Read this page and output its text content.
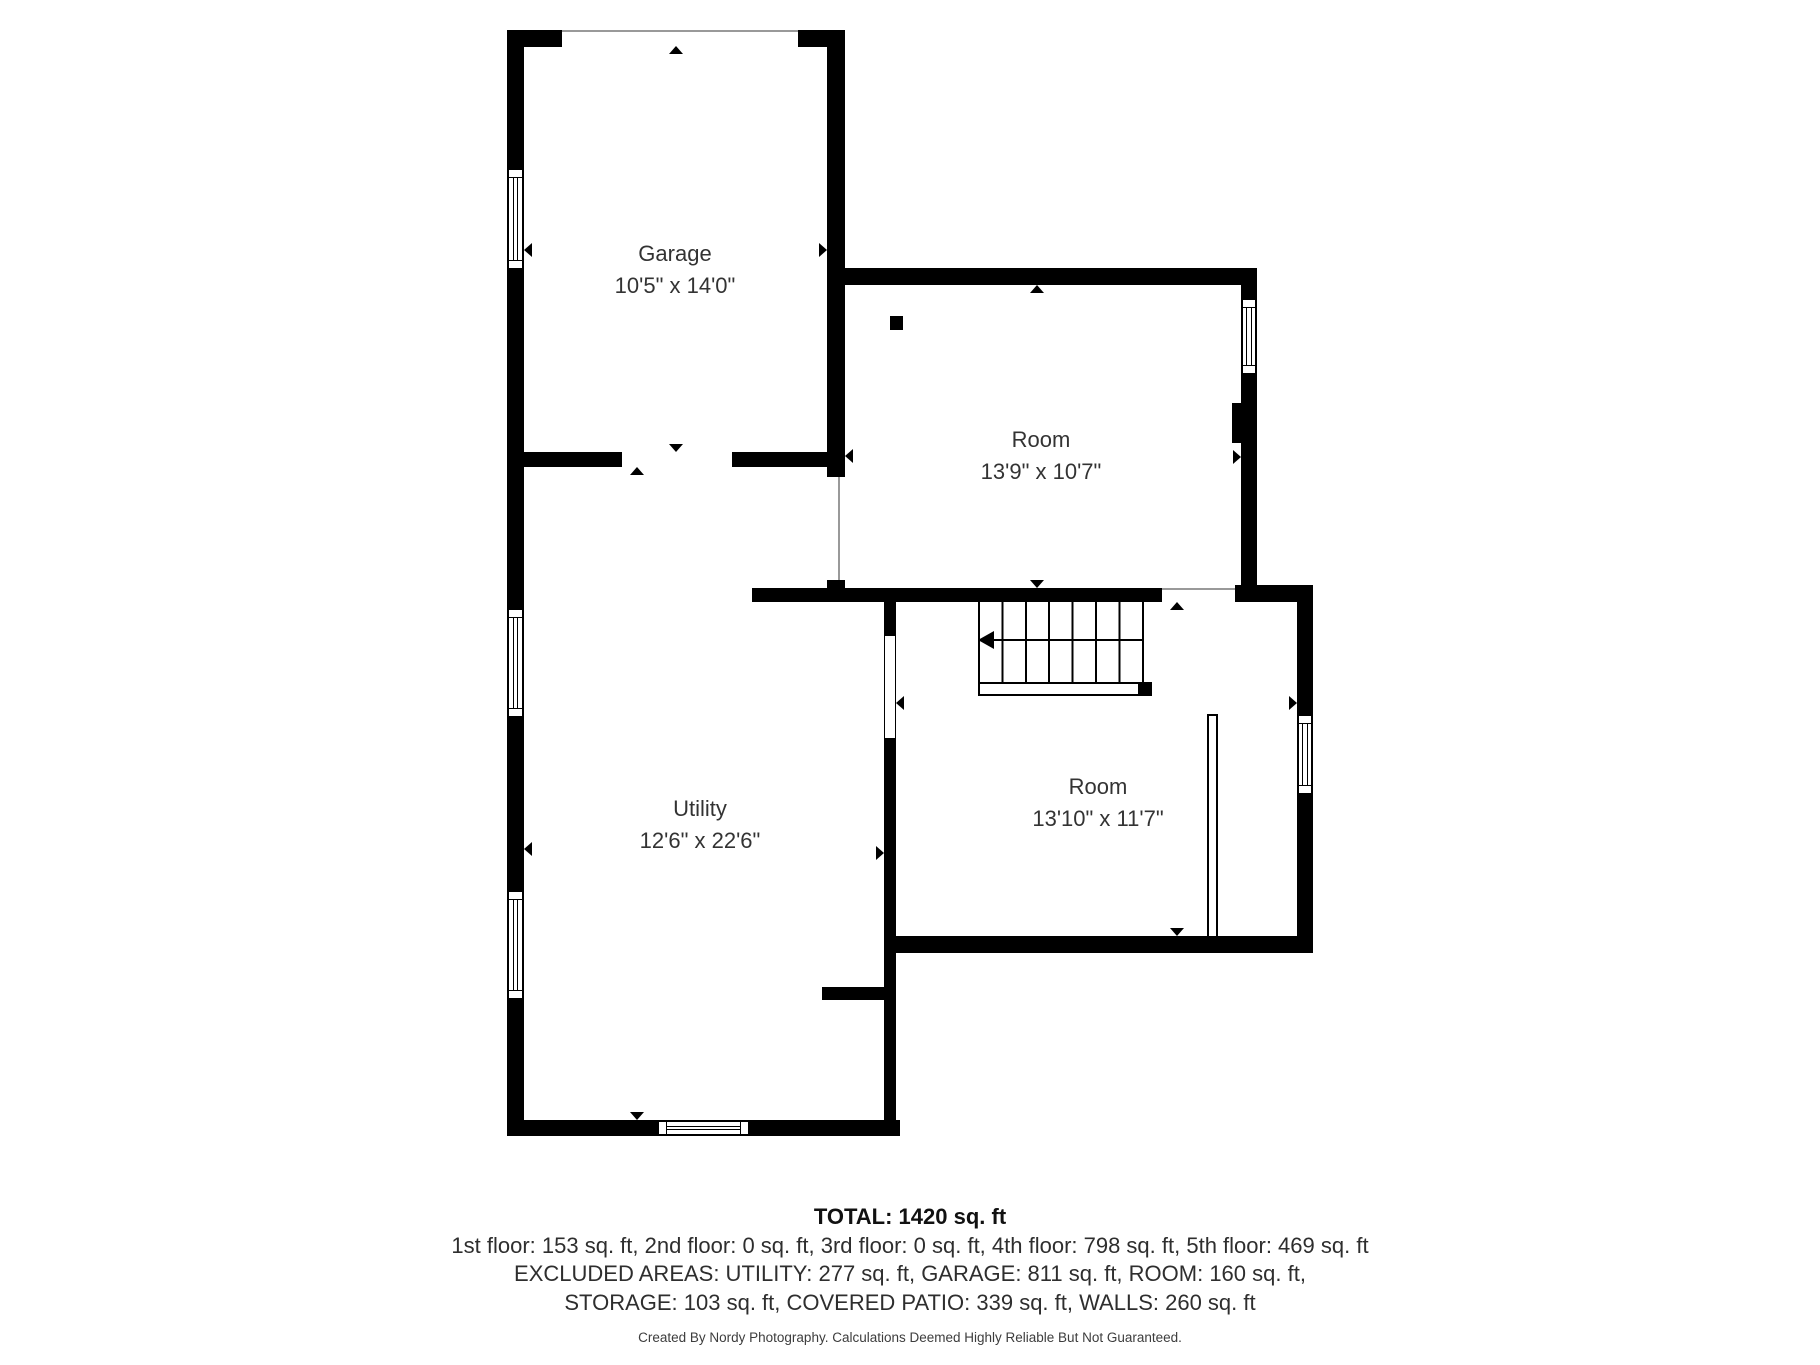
Garage
10'5" x 14'0"
Room
13'9" x 10'7"
Utility
12'6" x 22'6"
Room
13'10" x 11'7"
TOTAL: 1420 sq. ft
1st floor: 153 sq. ft, 2nd floor: 0 sq. ft, 3rd floor: 0 sq. ft, 4th floor: 798 sq. ft, 5th floor: 469 sq. ft
EXCLUDED AREAS: UTILITY: 277 sq. ft, GARAGE: 811 sq. ft, ROOM: 160 sq. ft,
STORAGE: 103 sq. ft, COVERED PATIO: 339 sq. ft, WALLS: 260 sq. ft
Created By Nordy Photography. Calculations Deemed Highly Reliable But Not Guaranteed.
